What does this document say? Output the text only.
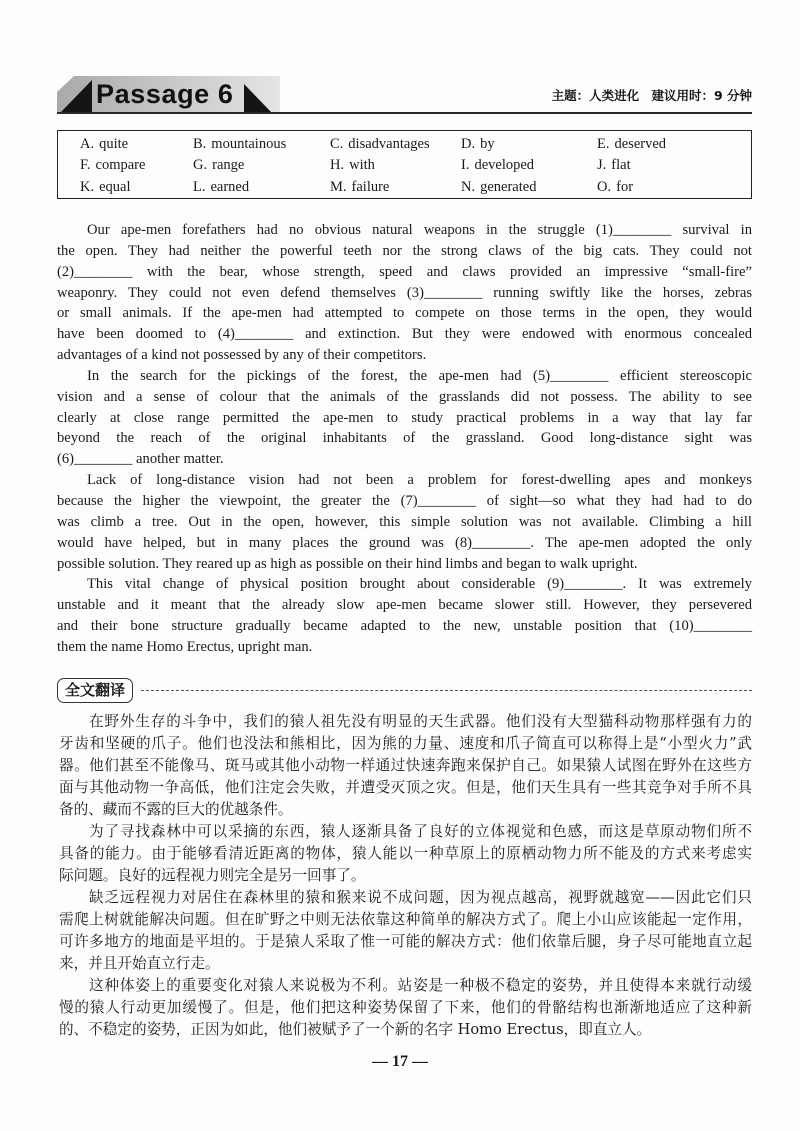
Passage 6	主题：人类进化 建议用时：9 分钟
A. quite	B. mountainous	C. disadvantages	D. by	E. deserved
F. compare	G. range	H. with	I. developed	J. flat
K. equal	L. earned	M. failure	N. generated	O. for
Our ape-men forefathers had no obvious natural weapons in the struggle (1)________ survival in
the open. They had neither the powerful teeth nor the strong claws of the big cats. They could not
(2)________ with the bear, whose strength, speed and claws provided an impressive “small-fire”
weaponry. They could not even defend themselves (3)________ running swiftly like the horses, zebras
or small animals. If the ape-men had attempted to compete on those terms in the open, they would
have been doomed to (4)________ and extinction. But they were endowed with enormous concealed
advantages of a kind not possessed by any of their competitors.
In the search for the pickings of the forest, the ape-men had (5)________ efficient stereoscopic
vision and a sense of colour that the animals of the grasslands did not possess. The ability to see
clearly at close range permitted the ape-men to study practical problems in a way that lay far
beyond the reach of the original inhabitants of the grassland. Good long-distance sight was
(6)________ another matter.
Lack of long-distance vision had not been a problem for forest-dwelling apes and monkeys
because the higher the viewpoint, the greater the (7)________ of sight—so what they had had to do
was climb a tree. Out in the open, however, this simple solution was not available. Climbing a hill
would have helped, but in many places the ground was (8)________. The ape-men adopted the only
possible solution. They reared up as high as possible on their hind limbs and began to walk upright.
This vital change of physical position brought about considerable (9)________. It was extremely
unstable and it meant that the already slow ape-men became slower still. However, they persevered
and their bone structure gradually became adapted to the new, unstable position that (10)________
them the name Homo Erectus, upright man.
全文翻译
在野外生存的斗争中，我们的猿人祖先没有明显的天生武器。他们没有大型猫科动物那样强有力的
牙齿和坚硬的爪子。他们也没法和熊相比，因为熊的力量、速度和爪子简直可以称得上是“小型火力”武
器。他们甚至不能像马、斑马或其他小动物一样通过快速奔跑来保护自己。如果猿人试图在野外在这些方
面与其他动物一争高低，他们注定会失败，并遭受灭顶之灾。但是，他们天生具有一些其竞争对手所不具
备的、藏而不露的巨大的优越条件。
为了寻找森林中可以采摘的东西，猿人逐渐具备了良好的立体视觉和色感，而这是草原动物们所不
具备的能力。由于能够看清近距离的物体，猿人能以一种草原上的原栖动物力所不能及的方式来考虑实
际问题。良好的远程视力则完全是另一回事了。
缺乏远程视力对居住在森林里的猿和猴来说不成问题，因为视点越高，视野就越宽——因此它们只
需爬上树就能解决问题。但在旷野之中则无法依靠这种简单的解决方式了。爬上小山应该能起一定作用，
可许多地方的地面是平坦的。于是猿人采取了惟一可能的解决方式：他们依靠后腿，身子尽可能地直立起
来，并且开始直立行走。
这种体姿上的重要变化对猿人来说极为不利。站姿是一种极不稳定的姿势，并且使得本来就行动缓
慢的猿人行动更加缓慢了。但是，他们把这种姿势保留了下来，他们的骨骼结构也渐渐地适应了这种新
的、不稳定的姿势，正因为如此，他们被赋予了一个新的名字 Homo Erectus，即直立人。
— 17 —
